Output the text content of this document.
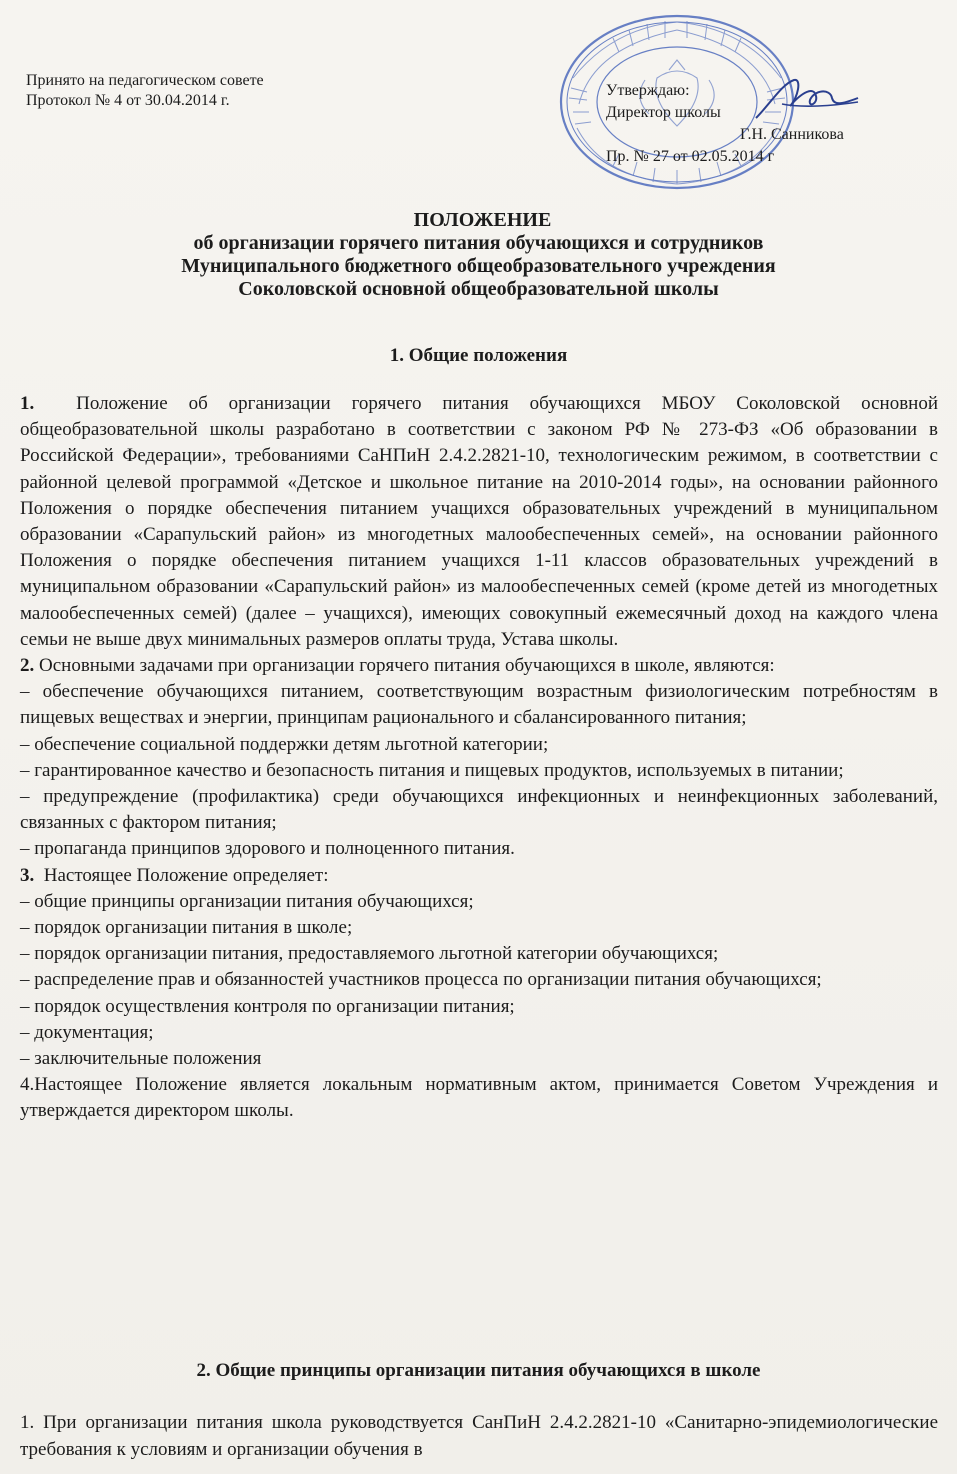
Принято на педагогическом совете
Протокол № 4 от 30.04.2014 г.
Утверждаю:
Директор школы
Г.Н. Санникова
Пр. № 27 от 02.05.2014 г
ПОЛОЖЕНИЕ
об организации горячего питания обучающихся и сотрудников
Муниципального бюджетного общеобразовательного учреждения
Соколовской основной общеобразовательной школы
1. Общие положения

1. Положение об организации горячего питания обучающихся МБОУ Соколовской основной общеобразовательной школы разработано в соответствии с законом РФ № 273-ФЗ «Об образовании в Российской Федерации», требованиями СаНПиН 2.4.2.2821-10, технологическим режимом, в соответствии с районной целевой программой «Детское и школьное питание на 2010-2014 годы», на основании районного Положения о порядке обеспечения питанием учащихся образовательных учреждений в муниципальном образовании «Сарапульский район» из многодетных малообеспеченных семей», на основании районного Положения о порядке обеспечения питанием учащихся 1-11 классов образовательных учреждений в муниципальном образовании «Сарапульский район» из малообеспеченных семей (кроме детей из многодетных малообеспеченных семей) (далее – учащихся), имеющих совокупный ежемесячный доход на каждого члена семьи не выше двух минимальных размеров оплаты труда, Устава школы.

2. Основными задачами при организации горячего питания обучающихся в школе, являются:

– обеспечение обучающихся питанием, соответствующим возрастным физиологическим потребностям в пищевых веществах и энергии, принципам рационального и сбалансированного питания;

– обеспечение социальной поддержки детям льготной категории;

– гарантированное качество и безопасность питания и пищевых продуктов, используемых в питании;

– предупреждение (профилактика) среди обучающихся инфекционных и неинфекционных заболеваний, связанных с фактором питания;

– пропаганда принципов здорового и полноценного питания.

3. Настоящее Положение определяет:

– общие принципы организации питания обучающихся;

– порядок организации питания в школе;

– порядок организации питания, предоставляемого льготной категории обучающихся;

– распределение прав и обязанностей участников процесса по организации питания обучающихся;

– порядок осуществления контроля по организации питания;

– документация;

– заключительные положения

4.Настоящее Положение является локальным нормативным актом, принимается Советом Учреждения и утверждается директором школы.

2. Общие принципы организации питания обучающихся в школе

1. При организации питания школа руководствуется СанПиН 2.4.2.2821-10 «Санитарно-эпидемиологические требования к условиям и организации обучения в
